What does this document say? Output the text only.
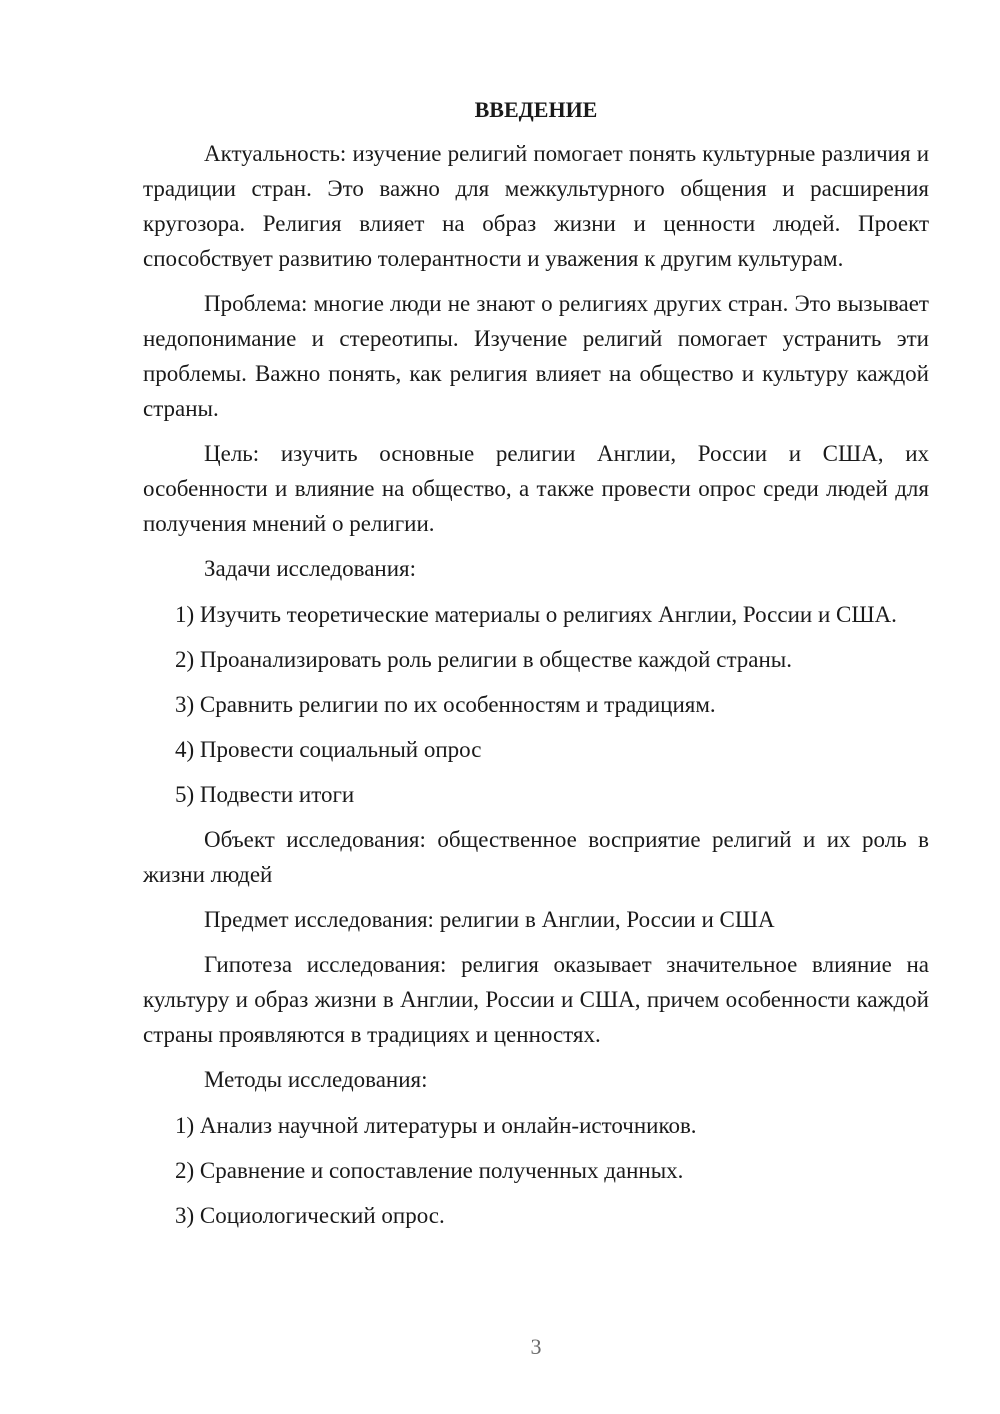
ВВЕДЕНИЕ

Актуальность: изучение религий помогает понять культурные различия и традиции стран. Это важно для межкультурного общения и расширения кругозора. Религия влияет на образ жизни и ценности людей. Проект способствует развитию толерантности и уважения к другим культурам.

Проблема: многие люди не знают о религиях других стран. Это вызывает недопонимание и стереотипы. Изучение религий помогает устранить эти проблемы. Важно понять, как религия влияет на общество и культуру каждой страны.

Цель: изучить основные религии Англии, России и США, их особенности и влияние на общество, а также провести опрос среди людей для получения мнений о религии.

Задачи исследования:

1) Изучить теоретические материалы о религиях Англии, России и США.
2) Проанализировать роль религии в обществе каждой страны.
3) Сравнить религии по их особенностям и традициям.
4) Провести социальный опрос
5) Подвести итоги

Объект исследования: общественное восприятие религий и их роль в жизни людей

Предмет исследования: религии в Англии, России и США

Гипотеза исследования: религия оказывает значительное влияние на культуру и образ жизни в Англии, России и США, причем особенности каждой страны проявляются в традициях и ценностях.

Методы исследования:

1) Анализ научной литературы и онлайн-источников.
2) Сравнение и сопоставление полученных данных.
3) Социологический опрос.
3
